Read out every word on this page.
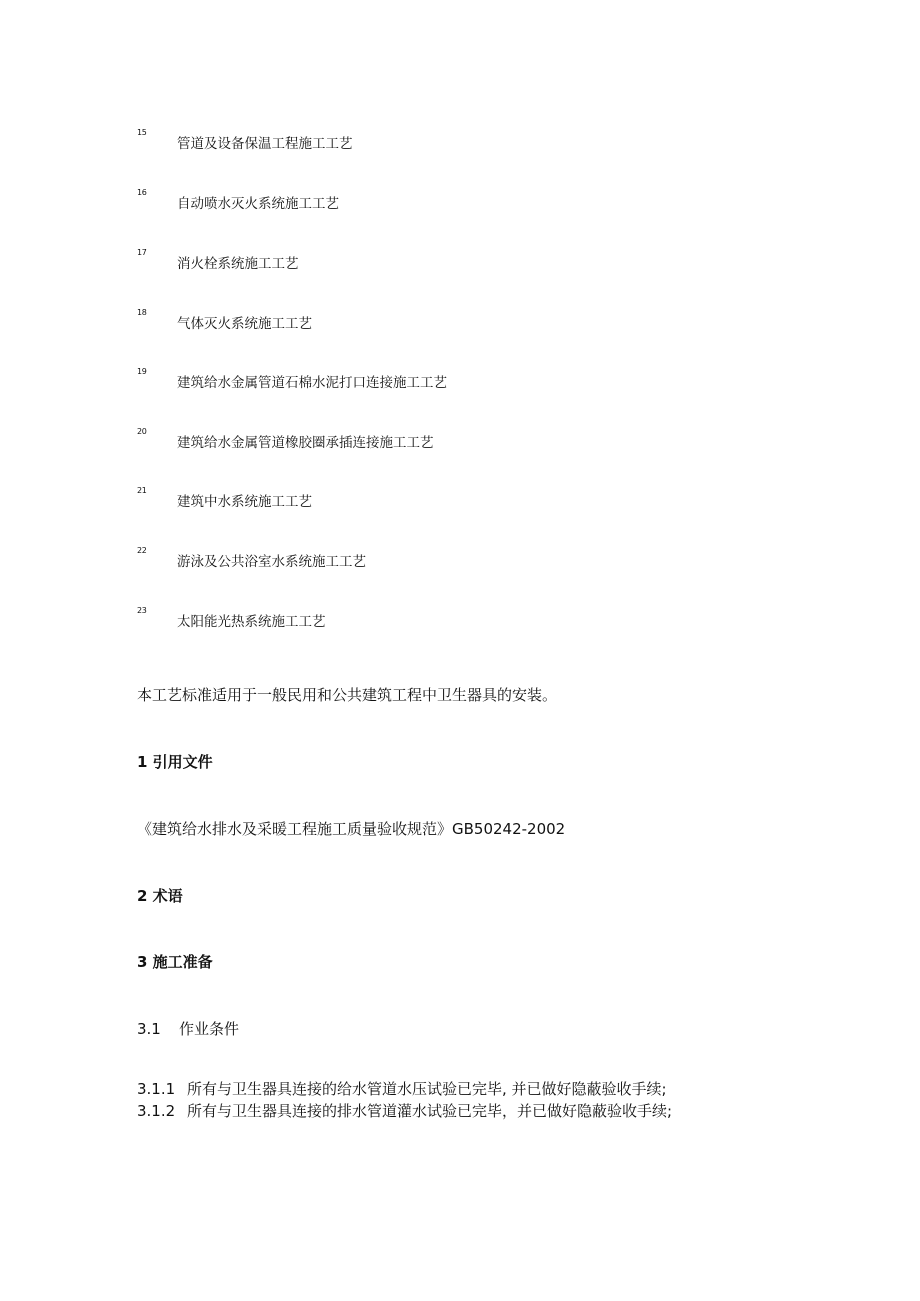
15
管道及设备保温工程施工工艺
16
自动喷水灭火系统施工工艺
17
消火栓系统施工工艺
18
气体灭火系统施工工艺
19
建筑给水金属管道石棉水泥打口连接施工工艺
20
建筑给水金属管道橡胶圈承插连接施工工艺
21
建筑中水系统施工工艺
22
游泳及公共浴室水系统施工工艺
23
太阳能光热系统施工工艺
本工艺标准适用于一般民用和公共建筑工程中卫生器具的安装。
1 引用文件
《建筑给水排水及采暖工程施工质量验收规范》GB50242-2002
2 术语
3 施工准备
3.1 作业条件
3.1.1 所有与卫生器具连接的给水管道水压试验已完毕, 并已做好隐蔽验收手续;
3.1.2 所有与卫生器具连接的排水管道灌水试验已完毕，并已做好隐蔽验收手续;
